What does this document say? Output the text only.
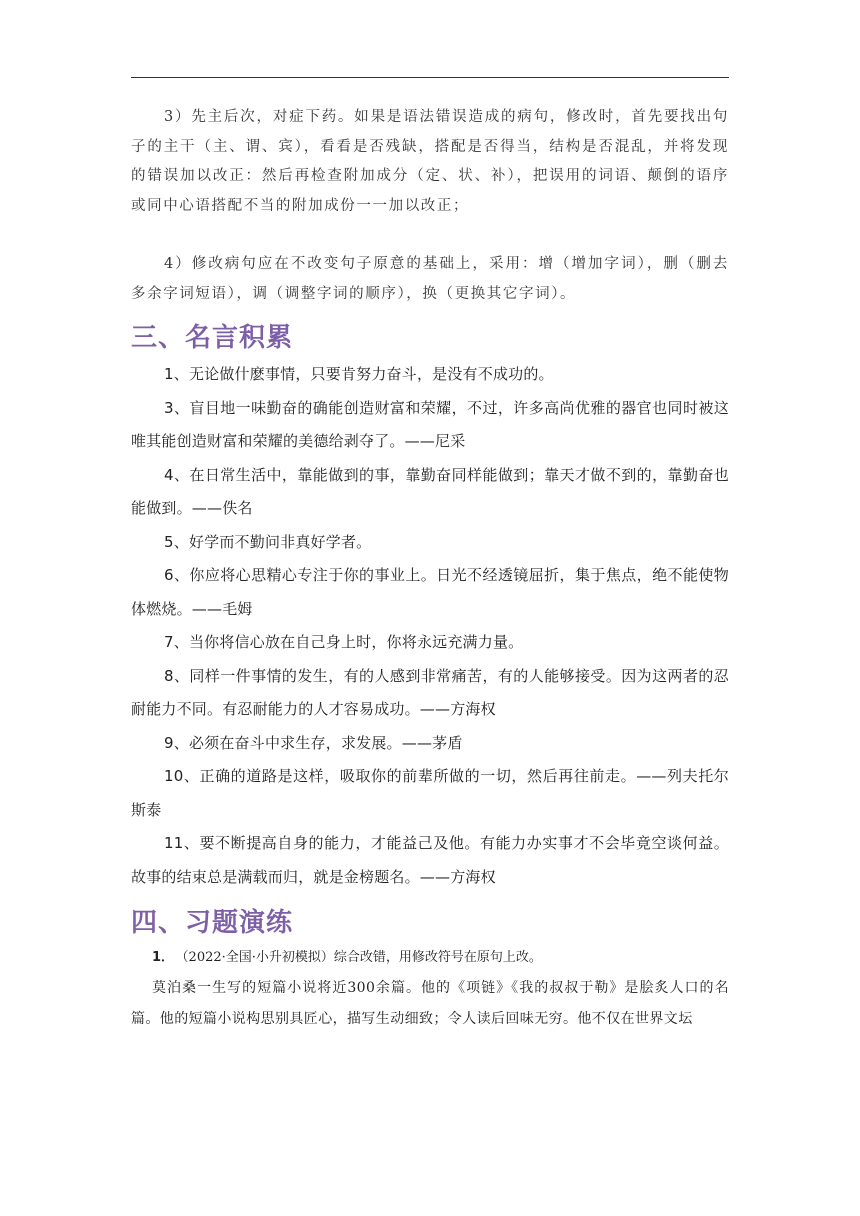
3）先主后次，对症下药。如果是语法错误造成的病句，修改时，首先要找出句子的主干（主、谓、宾），看看是否残缺，搭配是否得当，结构是否混乱，并将发现的错误加以改正：然后再检查附加成分（定、状、补），把误用的词语、颠倒的语序或同中心语搭配不当的附加成份一一加以改正；

4）修改病句应在不改变句子原意的基础上，采用：增（增加字词），删（删去多余字词短语），调（调整字词的顺序），换（更换其它字词）。

三、名言积累

1、无论做什麽事情，只要肯努力奋斗，是没有不成功的。

3、盲目地一味勤奋的确能创造财富和荣耀，不过，许多高尚优雅的器官也同时被这唯其能创造财富和荣耀的美德给剥夺了。——尼采

4、在日常生活中，靠能做到的事，靠勤奋同样能做到；靠天才做不到的，靠勤奋也能做到。——佚名

5、好学而不勤问非真好学者。

6、你应将心思精心专注于你的事业上。日光不经透镜屈折，集于焦点，绝不能使物体燃烧。——毛姆

7、当你将信心放在自己身上时，你将永远充满力量。

8、同样一件事情的发生，有的人感到非常痛苦，有的人能够接受。因为这两者的忍耐能力不同。有忍耐能力的人才容易成功。——方海权

9、必须在奋斗中求生存，求发展。——茅盾

10、正确的道路是这样，吸取你的前辈所做的一切，然后再往前走。——列夫托尔斯泰

11、要不断提高自身的能力，才能益己及他。有能力办实事才不会毕竟空谈何益。故事的结束总是满载而归，就是金榜题名。——方海权

四、习题演练

1． （2022·全国·小升初模拟）综合改错，用修改符号在原句上改。

莫泊桑一生写的短篇小说将近300余篇。他的《项链》《我的叔叔于勒》是脍炙人口的名篇。他的短篇小说构思别具匠心，描写生动细致；令人读后回味无穷。他不仅在世界文坛
